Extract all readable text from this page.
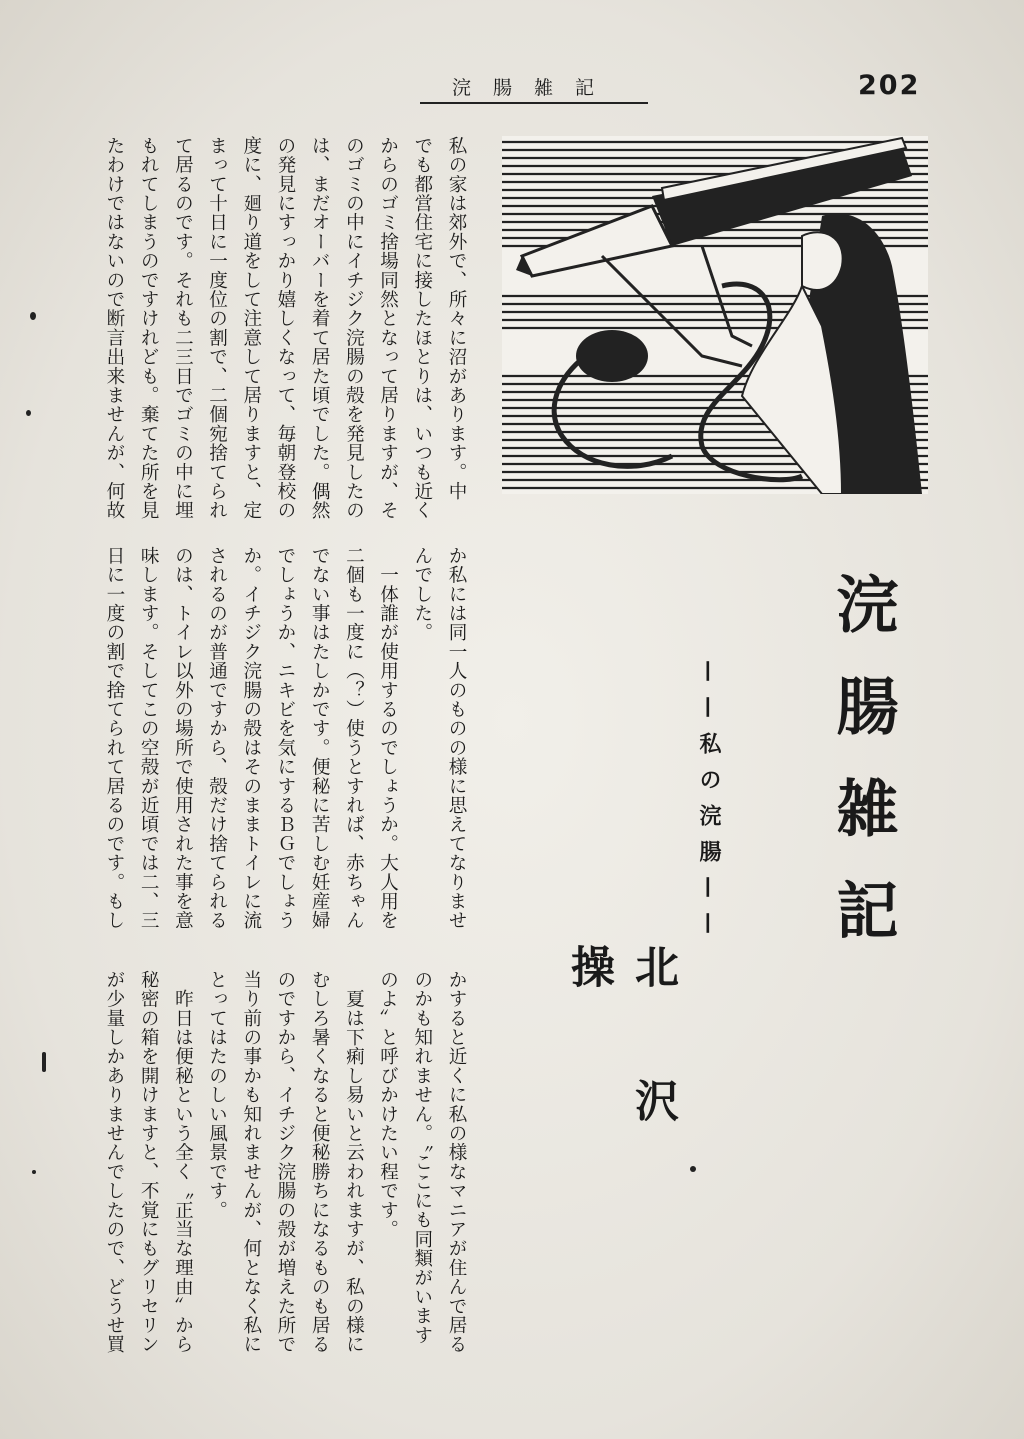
浣腸雑記	202
私の家は郊外で、所々に沼があります。中
でも都営住宅に接したほとりは、いつも近く
からのゴミ捨場同然となって居りますが、そ
のゴミの中にイチジク浣腸の殻を発見したの
は、まだオーバーを着て居た頃でした。偶然
の発見にすっかり嬉しくなって、毎朝登校の
度に、廻り道をして注意して居りますと、定
まって十日に一度位の割で、二個宛捨てられ
て居るのです。それも二三日でゴミの中に埋
もれてしまうのですけれども。棄てた所を見
たわけではないので断言出来ませんが、何故
か私には同一人のものの様に思えてなりませ
んでした。
　一体誰が使用するのでしょうか。大人用を
二個も一度に（？）使うとすれば、赤ちゃん
でない事はたしかです。便秘に苦しむ妊産婦
でしょうか、ニキビを気にするＢＧでしょう
か。イチジク浣腸の殻はそのままトイレに流
されるのが普通ですから、殻だけ捨てられる
のは、トイレ以外の場所で使用された事を意
味します。そしてこの空殻が近頃では二、三
日に一度の割で捨てられて居るのです。もし
かすると近くに私の様なマニアが住んで居る
のかも知れません。〝ここにも同類がいます
のよ〟と呼びかけたい程です。
　夏は下痢し易いと云われますが、私の様に
むしろ暑くなると便秘勝ちになるものも居る
のですから、イチジク浣腸の殻が増えた所で
当り前の事かも知れませんが、何となく私に
とってはたのしい風景です。
　昨日は便秘という全く〝正当な理由〟から
秘密の箱を開けますと、不覚にもグリセリン
が少量しかありませんでしたので、どうせ買
浣腸雑記
——私の浣腸——
北沢　操
